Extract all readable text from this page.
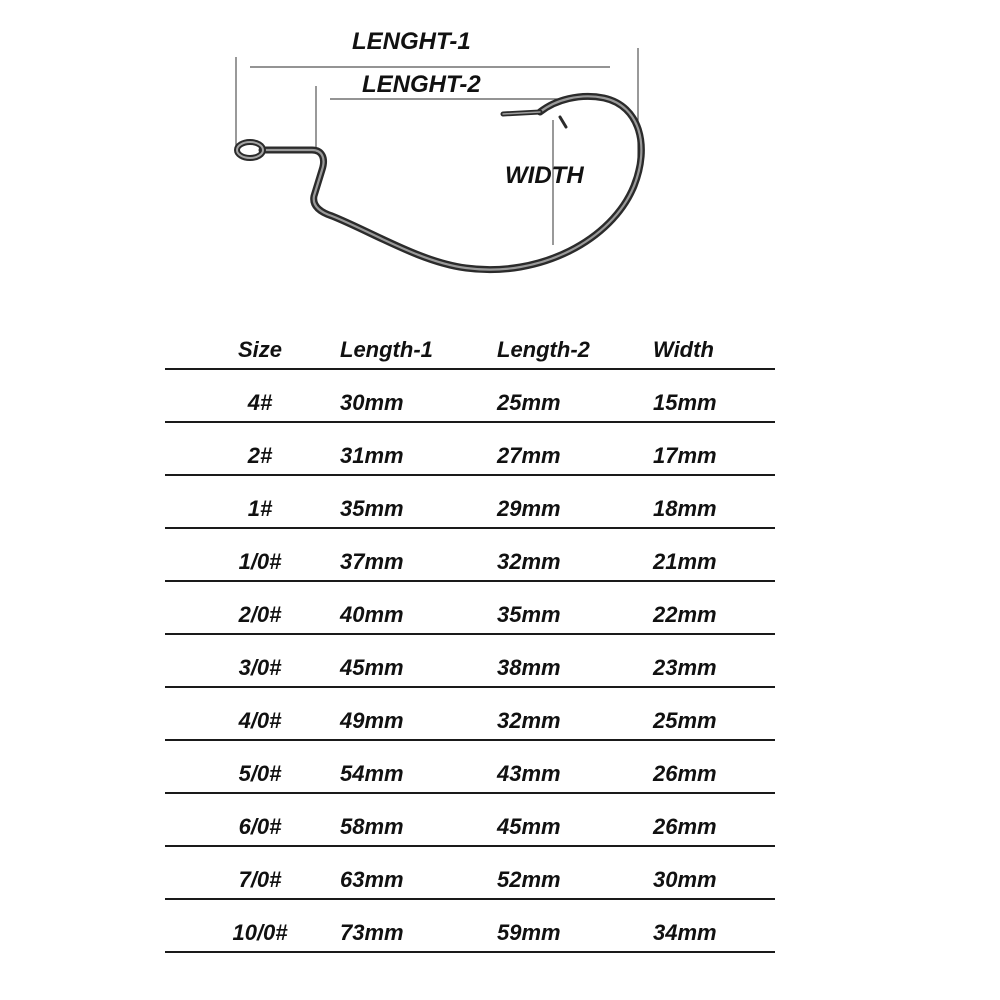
LENGHT-1
LENGHT-2
WIDTH
Size	Length-1	Length-2	Width
4#	30mm	25mm	15mm
2#	31mm	27mm	17mm
1#	35mm	29mm	18mm
1/0#	37mm	32mm	21mm
2/0#	40mm	35mm	22mm
3/0#	45mm	38mm	23mm
4/0#	49mm	32mm	25mm
5/0#	54mm	43mm	26mm
6/0#	58mm	45mm	26mm
7/0#	63mm	52mm	30mm
10/0#	73mm	59mm	34mm
